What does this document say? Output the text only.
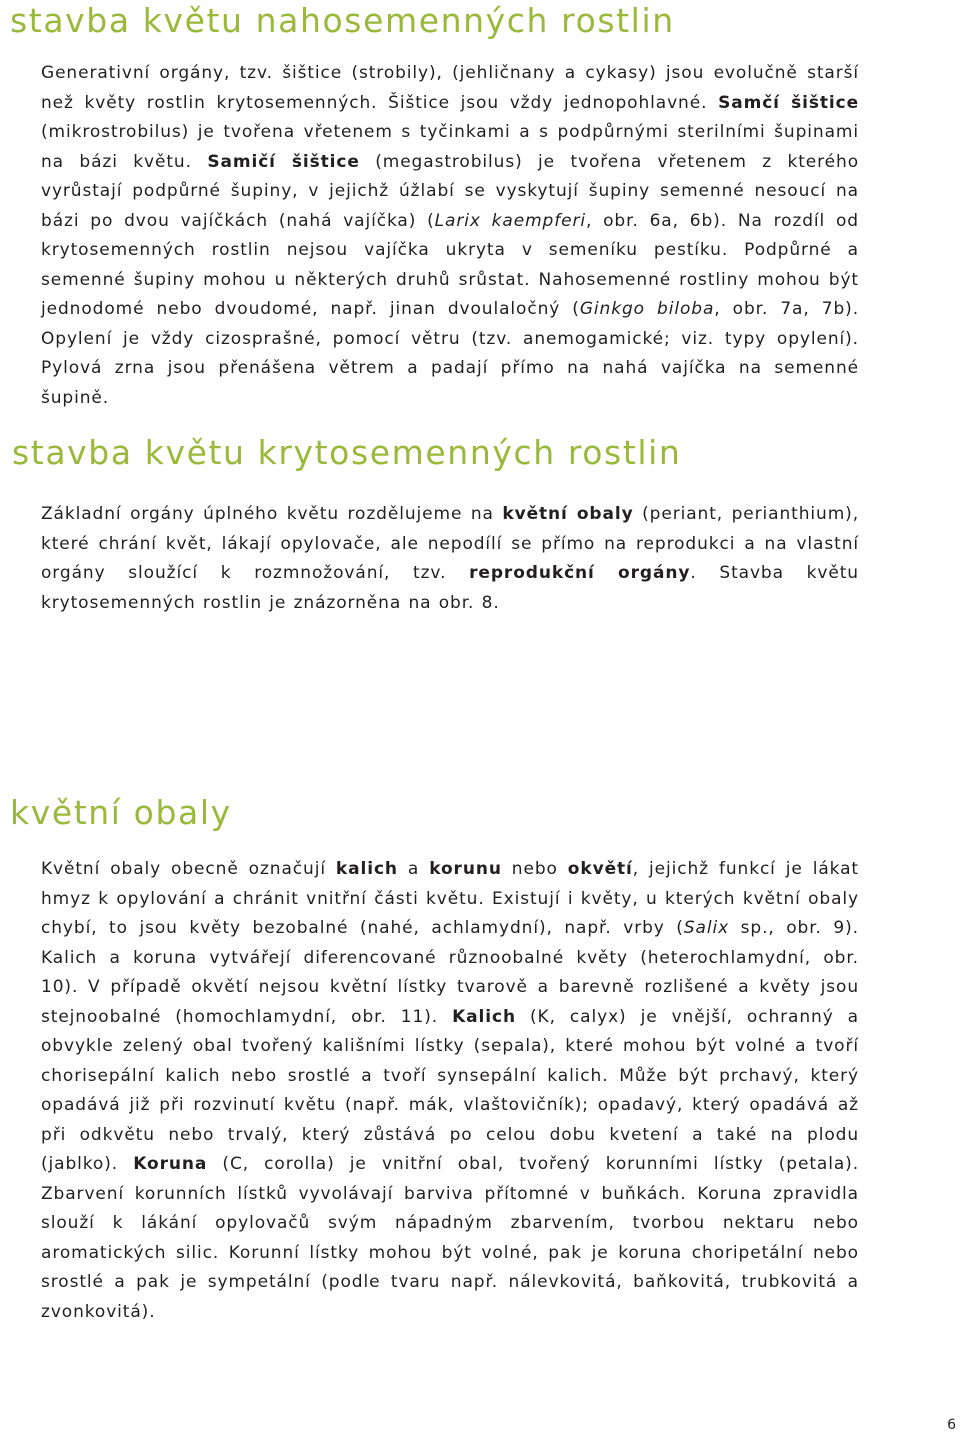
stavba květu nahosemenných rostlin

Generativní orgány, tzv. šištice (strobily), (jehličnany a cykasy) jsou evolučně starší než květy rostlin krytosemenných. Šištice jsou vždy jednopohlavné. Samčí šištice (mikrostrobilus) je tvořena vřetenem s tyčinkami a s podpůrnými sterilními šupinami na bázi květu. Samičí šištice (megastrobilus) je tvořena vřetenem z kterého vyrůstají podpůrné šupiny, v jejichž úžlabí se vyskytují šupiny semenné nesoucí na bázi po dvou vajíčkách (nahá vajíčka) (Larix kaempferi, obr. 6a, 6b). Na rozdíl od krytosemenných rostlin nejsou vajíčka ukryta v semeníku pestíku. Podpůrné a semenné šupiny mohou u některých druhů srůstat. Nahosemenné rostliny mohou být jednodomé nebo dvoudomé, např. jinan dvoulaločný (Ginkgo biloba, obr. 7a, 7b). Opylení je vždy cizosprašné, pomocí větru (tzv. anemogamické; viz. typy opylení). Pylová zrna jsou přenášena větrem a padají přímo na nahá vajíčka na semenné šupině.

stavba květu krytosemenných rostlin

Základní orgány úplného květu rozdělujeme na květní obaly (periant, perianthium), které chrání květ, lákají opylovače, ale nepodílí se přímo na reprodukci a na vlastní orgány sloužící k rozmnožování, tzv. reprodukční orgány. Stavba květu krytosemenných rostlin je znázorněna na obr. 8.

květní obaly

Květní obaly obecně označují kalich a korunu nebo okvětí, jejichž funkcí je lákat hmyz k opylování a chránit vnitřní části květu. Existují i květy, u kterých květní obaly chybí, to jsou květy bezobalné (nahé, achlamydní), např. vrby (Salix sp., obr. 9). Kalich a koruna vytvářejí diferencované různoobalné květy (heterochlamydní, obr. 10). V případě okvětí nejsou květní lístky tvarově a barevně rozlišené a květy jsou stejnoobalné (homochlamydní, obr. 11). Kalich (K, calyx) je vnější, ochranný a obvykle zelený obal tvořený kališními lístky (sepala), které mohou být volné a tvoří chorisepální kalich nebo srostlé a tvoří synsepální kalich. Může být prchavý, který opadává již při rozvinutí květu (např. mák, vlaštovičník); opadavý, který opadává až při odkvětu nebo trvalý, který zůstává po celou dobu kvetení a také na plodu (jablko). Koruna (C, corolla) je vnitřní obal, tvořený korunními lístky (petala). Zbarvení korunních lístků vyvolávají barviva přítomné v buňkách. Koruna zpravidla slouží k lákání opylovačů svým nápadným zbarvením, tvorbou nektaru nebo aromatických silic. Korunní lístky mohou být volné, pak je koruna choripetální nebo srostlé a pak je sympetální (podle tvaru např. nálevkovitá, baňkovitá, trubkovitá a zvonkovitá).

6
